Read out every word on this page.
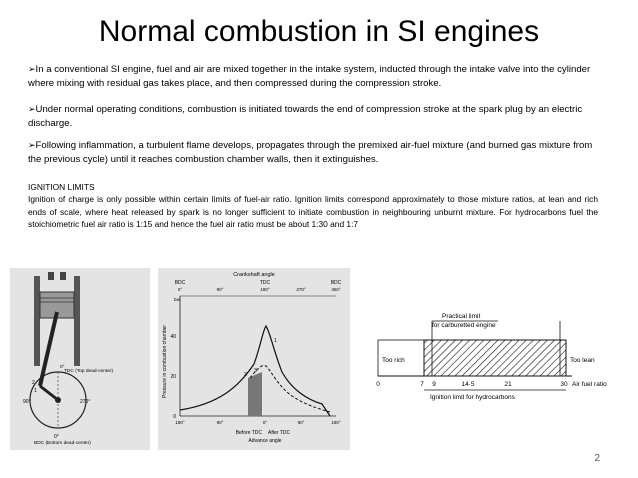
Normal combustion in SI engines
➢In a conventional SI engine, fuel and air are mixed together in the intake system, inducted through the intake valve into the cylinder where mixing with residual gas takes place, and then compressed during the compression stroke.
➢Under normal operating conditions, combustion is initiated towards the end of compression stroke at the spark plug by an electric discharge.
➢Following inflammation, a turbulent flame develops, propagates through the premixed air-fuel mixture (and burned gas mixture from the previous cycle) until it reaches combustion chamber walls, then it extinguishes.
IGNITION LIMITS
Ignition of charge is only possible within certain limits of fuel-air ratio. Ignition limits correspond approximately to those mixture ratios, at lean and rich ends of scale, where heat released by spark is no longer sufficient to initiate combustion in neighbouring unburnt mixture. For hydrocarbons fuel the stoichiometric fuel air ratio is 1:15 and hence the fuel air ratio must be about 1:30 and 1:7
TDC (Top dead-center)
0°
90°	270°
0°
BDC (Bottom dead-center)
2
1
Crankshaft angle
BDC	TDC	BDC
0°	90°	180°	270°	360°
bar
0
20
40
Pressure in combustion chamber	1
2
3
180°	90°	0°	90°	180°
Before TDC After TDC
Advance angle
Practical limit
for carburetted engine
Too rich	Too lean
0	7 9	14·5	21	30 Air fuel ratio
Ignition limit for hydrocarbons
2
